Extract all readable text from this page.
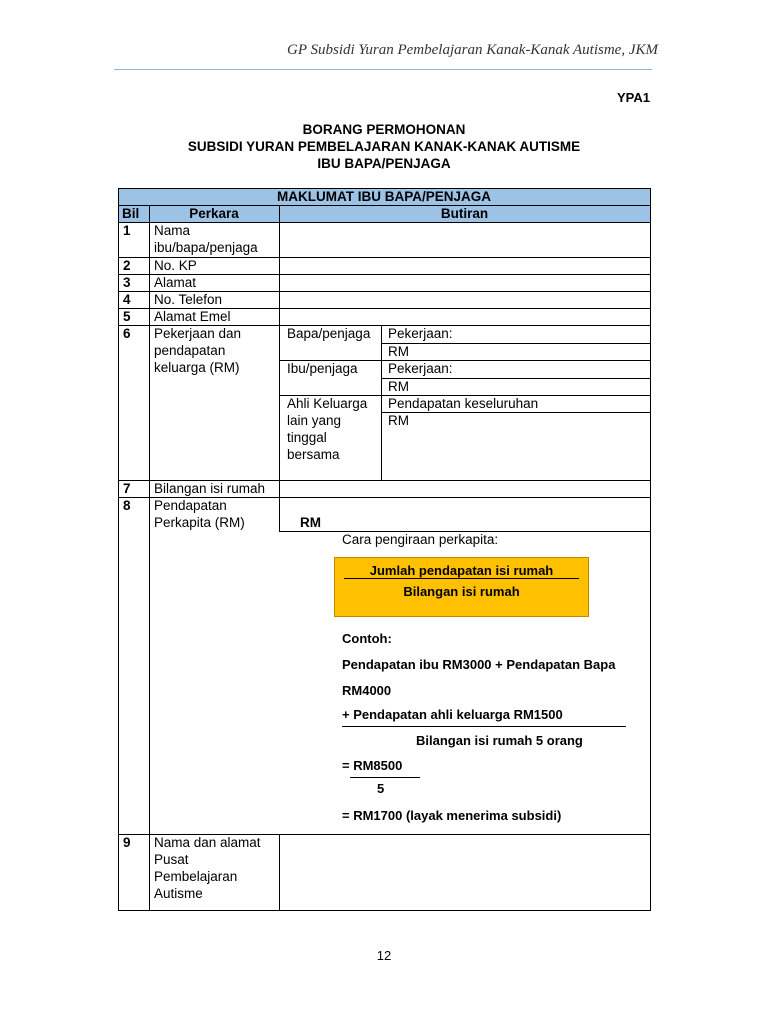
GP Subsidi Yuran Pembelajaran Kanak-Kanak Autisme, JKM
YPA1
BORANG PERMOHONAN
SUBSIDI YURAN PEMBELAJARAN KANAK-KANAK AUTISME
IBU BAPA/PENJAGA
MAKLUMAT IBU BAPA/PENJAGA
Bil	Perkara	Butiran
1
2
3
4
5
6
7
8
9
Nama ibu/bapa/penjaga
No. KP
Alamat
No. Telefon
Alamat Emel
Pekerjaan dan pendapatan keluarga (RM)
Bilangan isi rumah
Pendapatan Perkapita (RM)
Nama dan alamat Pusat Pembelajaran Autisme
Bapa/penjaga Pekerjaan:
RM
Ibu/penjaga Pekerjaan:
RM
Ahli Keluarga lain yang tinggal bersama
Pendapatan keseluruhan
RM
RM
Cara pengiraan perkapita:
Jumlah pendapatan isi rumah
Bilangan isi rumah
Contoh:
Pendapatan ibu RM3000 + Pendapatan Bapa
RM4000
+ Pendapatan ahli keluarga RM1500
Bilangan isi rumah 5 orang
= RM8500
5
= RM1700 (layak menerima subsidi)
12
